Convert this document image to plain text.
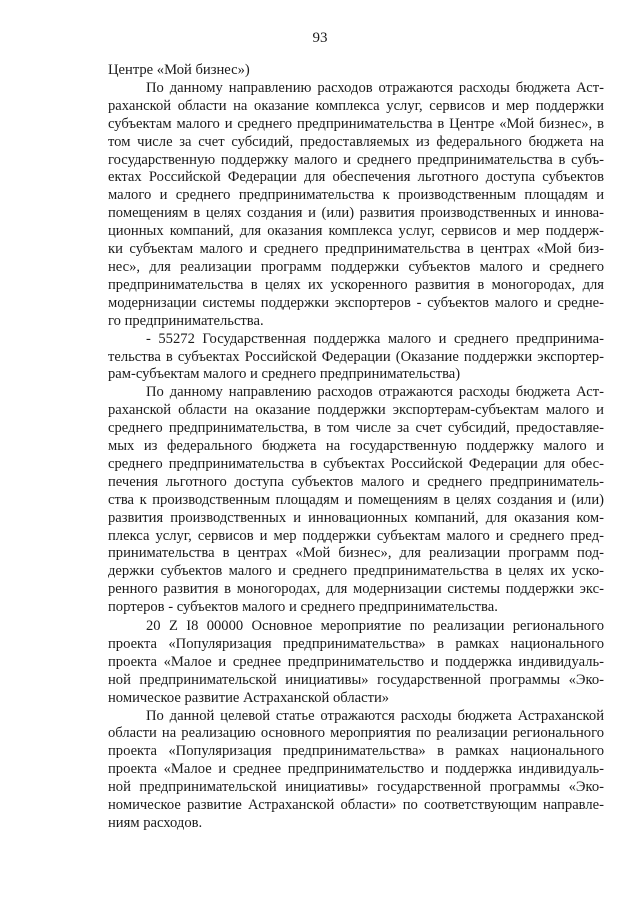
93
Центре «Мой бизнес»)
По данному направлению расходов отражаются расходы бюджета Аст-
раханской области на оказание комплекса услуг, сервисов и мер поддержки
субъектам малого и среднего предпринимательства в Центре «Мой бизнес», в
том числе за счет субсидий, предоставляемых из федерального бюджета на
государственную поддержку малого и среднего предпринимательства в субъ-
ектах Российской Федерации для обеспечения льготного доступа субъектов
малого и среднего предпринимательства к производственным площадям и
помещениям в целях создания и (или) развития производственных и иннова-
ционных компаний, для оказания комплекса услуг, сервисов и мер поддерж-
ки субъектам малого и среднего предпринимательства в центрах «Мой биз-
нес», для реализации программ поддержки субъектов малого и среднего
предпринимательства в целях их ускоренного развития в моногородах, для
модернизации системы поддержки экспортеров - субъектов малого и средне-
го предпринимательства.
- 55272 Государственная поддержка малого и среднего предпринима-
тельства в субъектах Российской Федерации (Оказание поддержки экспортер-
рам-субъектам малого и среднего предпринимательства)
По данному направлению расходов отражаются расходы бюджета Аст-
раханской области на оказание поддержки экспортерам-субъектам малого и
среднего предпринимательства, в том числе за счет субсидий, предоставляе-
мых из федерального бюджета на государственную поддержку малого и
среднего предпринимательства в субъектах Российской Федерации для обес-
печения льготного доступа субъектов малого и среднего предприниматель-
ства к производственным площадям и помещениям в целях создания и (или)
развития производственных и инновационных компаний, для оказания ком-
плекса услуг, сервисов и мер поддержки субъектам малого и среднего пред-
принимательства в центрах «Мой бизнес», для реализации программ под-
держки субъектов малого и среднего предпринимательства в целях их уско-
ренного развития в моногородах, для модернизации системы поддержки экс-
портеров - субъектов малого и среднего предпринимательства.
20 Z I8 00000 Основное мероприятие по реализации регионального
проекта «Популяризация предпринимательства» в рамках национального
проекта «Малое и среднее предпринимательство и поддержка индивидуаль-
ной предпринимательской инициативы» государственной программы «Эко-
номическое развитие Астраханской области»
По данной целевой статье отражаются расходы бюджета Астраханской
области на реализацию основного мероприятия по реализации регионального
проекта «Популяризация предпринимательства» в рамках национального
проекта «Малое и среднее предпринимательство и поддержка индивидуаль-
ной предпринимательской инициативы» государственной программы «Эко-
номическое развитие Астраханской области» по соответствующим направле-
ниям расходов.
